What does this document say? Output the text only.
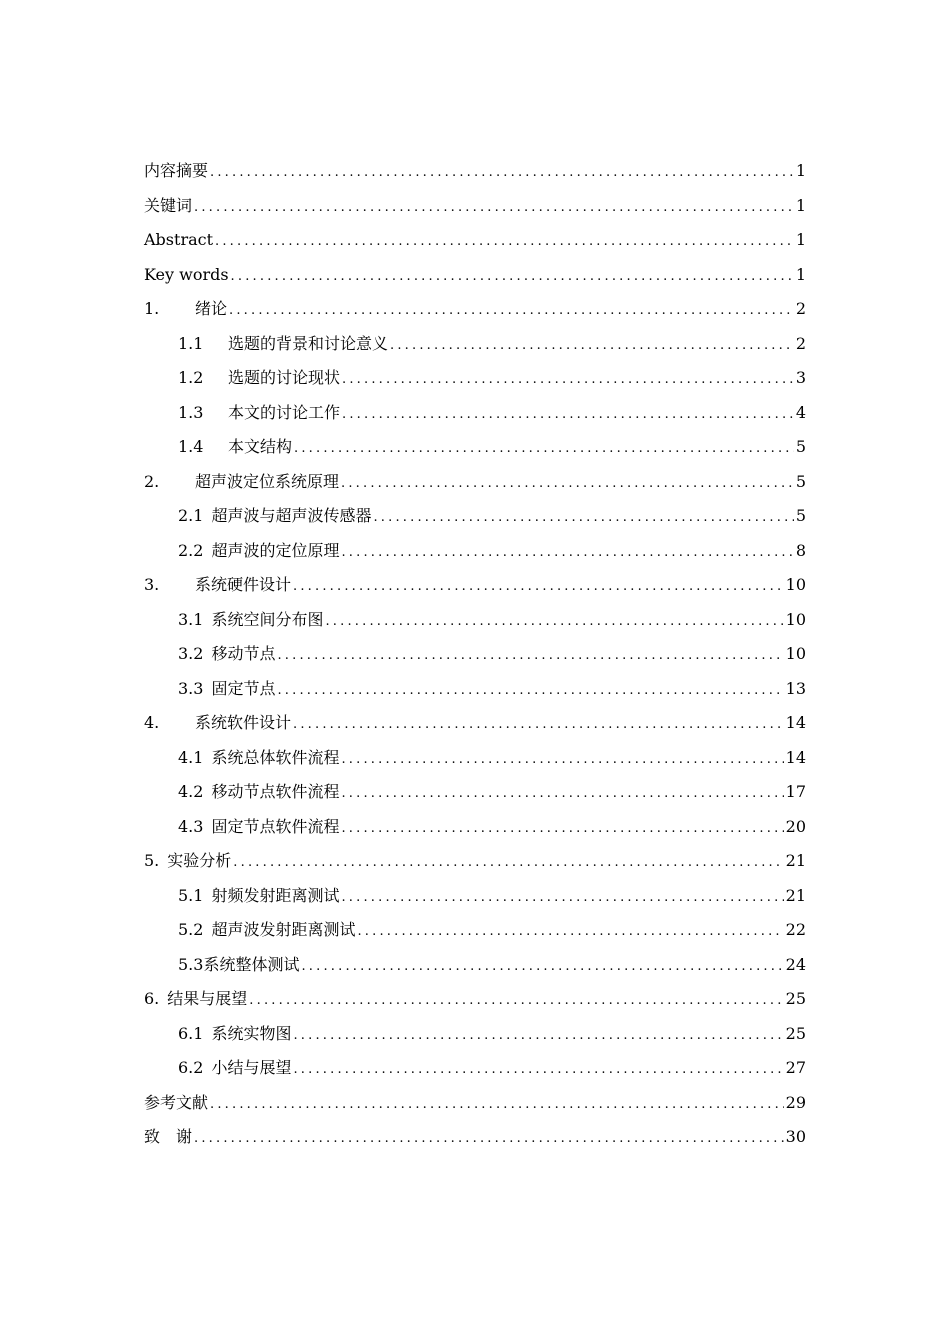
内容摘要 .....	1
关键词 .....	1
Abstract .....	1
Key words .....	1
1.	绪论 .....	2
1.1	选题的背景和讨论意义 .....	2
1.2	选题的讨论现状 .....	3
1.3	本文的讨论工作 .....	4
1.4	本文结构 .....	5
2.	超声波定位系统原理 .....	5
2.1 超声波与超声波传感器 .....	5
2.2 超声波的定位原理 .....	8
3.	系统硬件设计 .....	10
3.1 系统空间分布图 .....	10
3.2 移动节点 .....	10
3.3 固定节点 .....	13
4.	系统软件设计 .....	14
4.1 系统总体软件流程 .....	14
4.2 移动节点软件流程 .....	17
4.3 固定节点软件流程 .....	20
5. 实验分析 .....	21
5.1 射频发射距离测试 .....	21
5.2 超声波发射距离测试 .....	22
5.3 系统整体测试 .....	24
6. 结果与展望 .....	25
6.1 系统实物图 .....	25
6.2 小结与展望 .....	27
参考文献 .....	29
致　谢 .....	30
